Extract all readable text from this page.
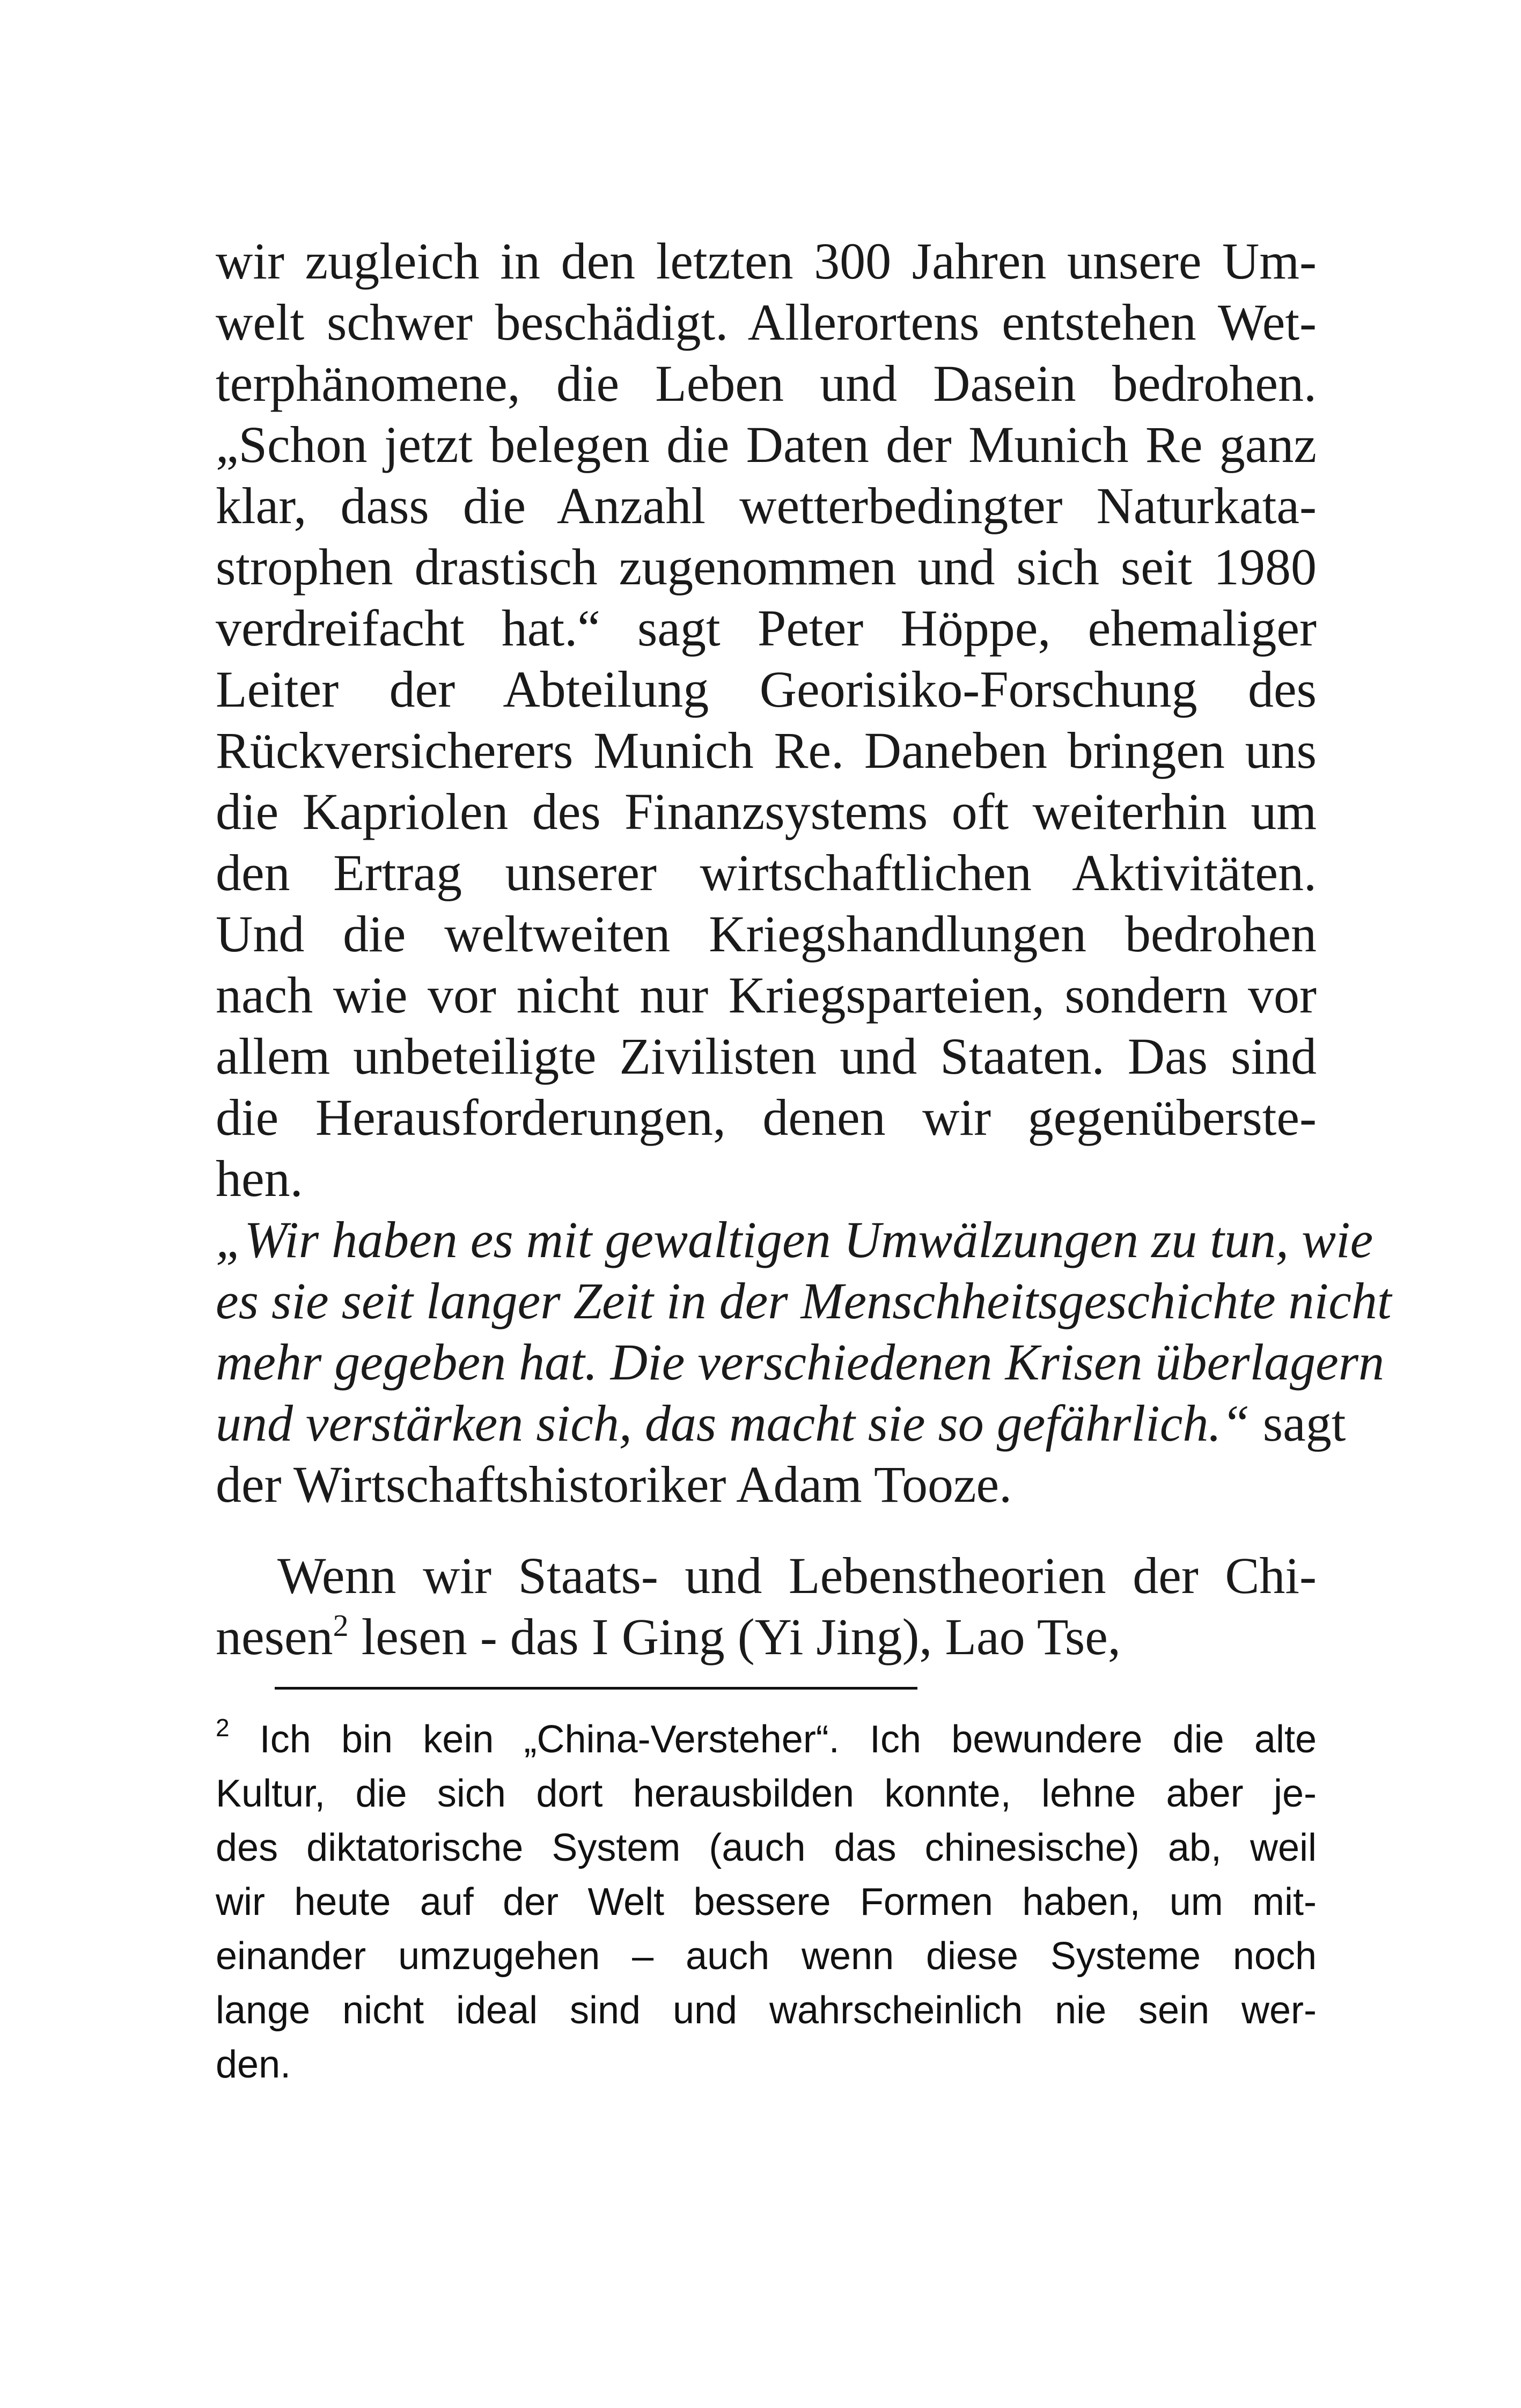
wir zugleich in den letzten 300 Jahren unsere Um-
welt schwer beschädigt. Allerortens entstehen Wet-
terphänomene, die Leben und Dasein bedrohen.
„Schon jetzt belegen die Daten der Munich Re ganz
klar, dass die Anzahl wetterbedingter Naturkata-
strophen drastisch zugenommen und sich seit 1980
verdreifacht hat.“ sagt Peter Höppe, ehemaliger
Leiter der Abteilung Georisiko-Forschung des
Rückversicherers Munich Re. Daneben bringen uns
die Kapriolen des Finanzsystems oft weiterhin um
den Ertrag unserer wirtschaftlichen Aktivitäten.
Und die weltweiten Kriegshandlungen bedrohen
nach wie vor nicht nur Kriegsparteien, sondern vor
allem unbeteiligte Zivilisten und Staaten. Das sind
die Herausforderungen, denen wir gegenüberste-
hen.
„Wir haben es mit gewaltigen Umwälzungen zu tun, wie
es sie seit langer Zeit in der Menschheitsgeschichte nicht
mehr gegeben hat. Die verschiedenen Krisen überlagern
und verstärken sich, das macht sie so gefährlich.“ sagt
der Wirtschaftshistoriker Adam Tooze.
Wenn wir Staats- und Lebenstheorien der Chi-
nesen$^2$ lesen - das I Ging (Yi Jing), Lao Tse,
$^2$ Ich bin kein „China-Versteher“. Ich bewundere die alte
Kultur, die sich dort herausbilden konnte, lehne aber je-
des diktatorische System (auch das chinesische) ab, weil
wir heute auf der Welt bessere Formen haben, um mit-
einander umzugehen – auch wenn diese Systeme noch
lange nicht ideal sind und wahrscheinlich nie sein wer-
den.
